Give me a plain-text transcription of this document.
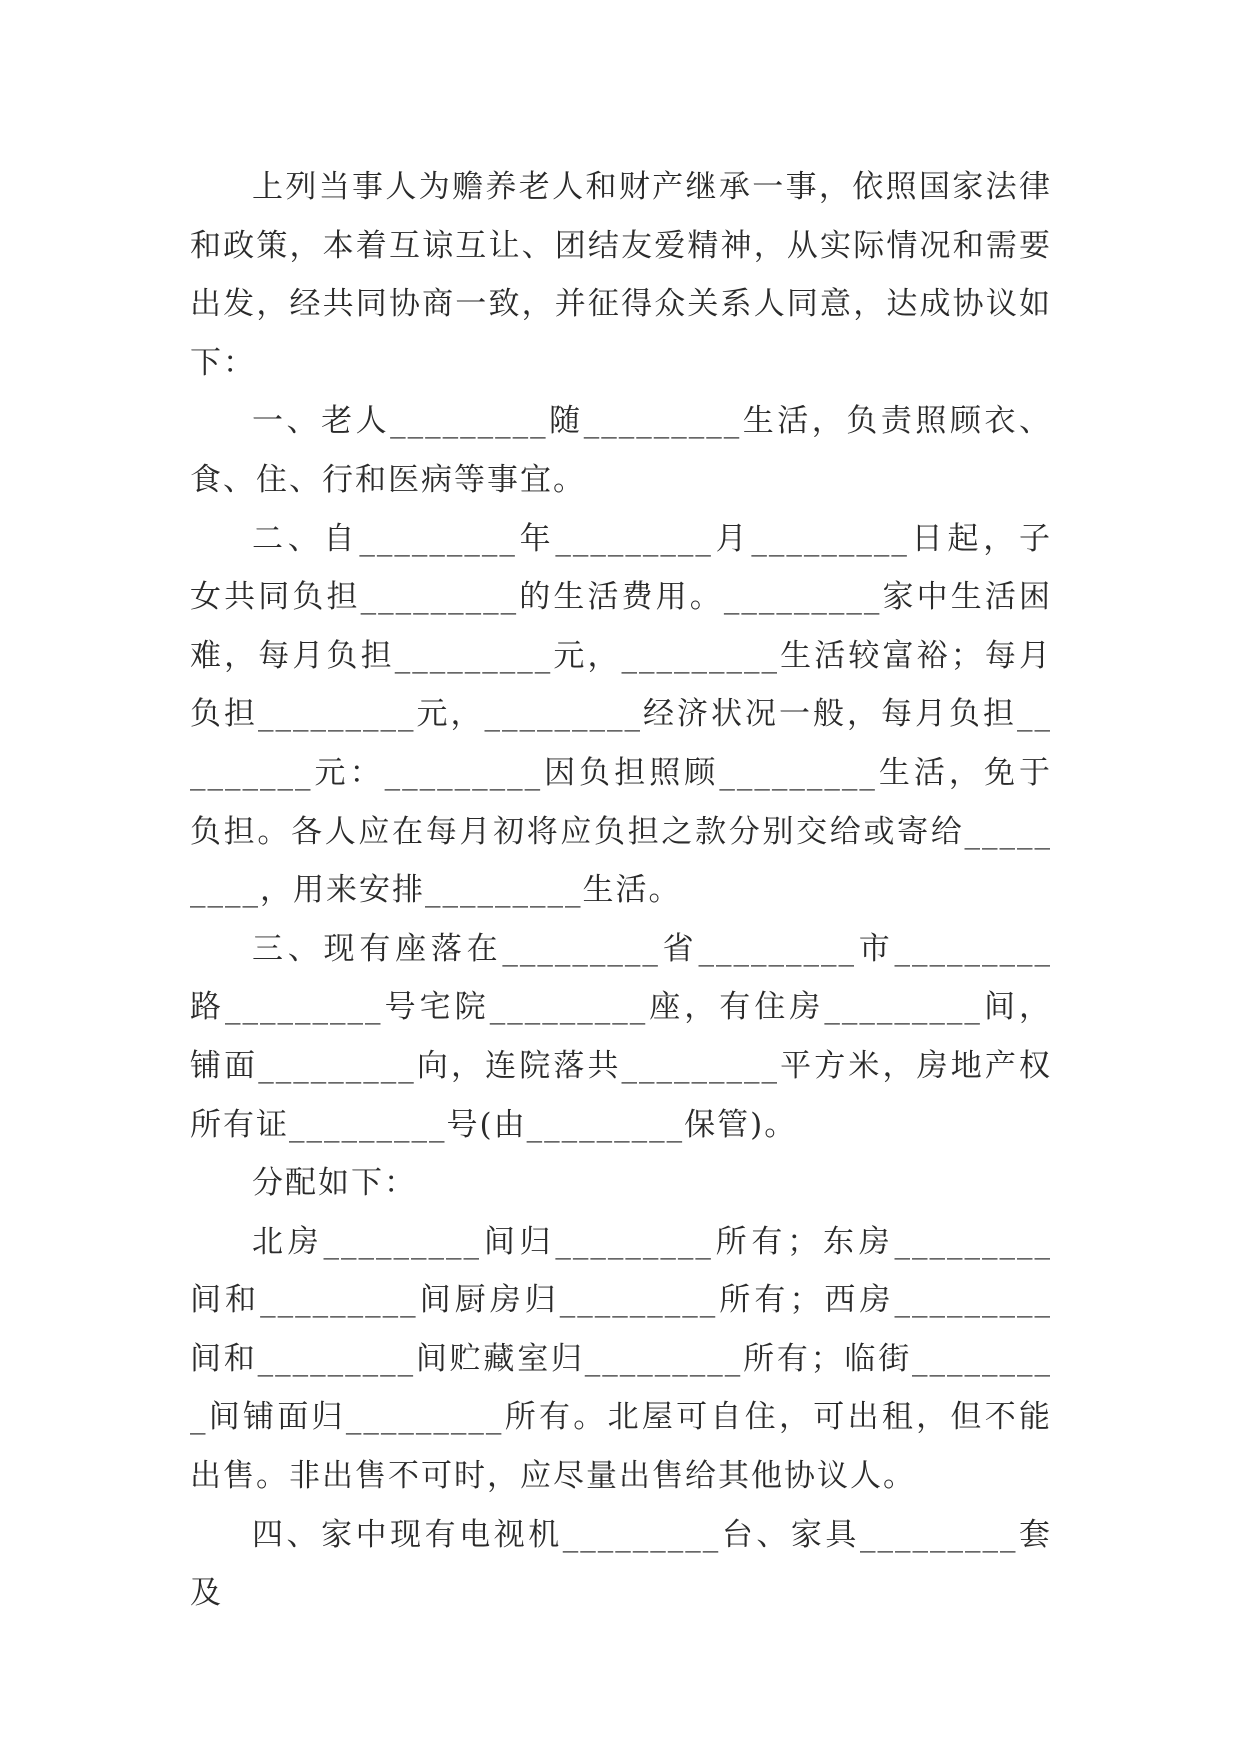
上列当事人为赡养老人和财产继承一事，依照国家法律和政策，本着互谅互让、团结友爱精神，从实际情况和需要出发，经共同协商一致，并征得众关系人同意，达成协议如下：

一、老人_________随_________生活，负责照顾衣、食、住、行和医病等事宜。

二、自_________年_________月_________日起，子女共同负担_________的生活费用。_________家中生活困难，每月负担_________元，_________生活较富裕；每月负担_________元，_________经济状况一般，每月负担_________元：_________因负担照顾_________生活，免于负担。各人应在每月初将应负担之款分别交给或寄给_________，用来安排_________生活。

三、现有座落在_________省_________市_________路_________号宅院_________座，有住房_________间，铺面_________向，连院落共_________平方米，房地产权所有证_________号(由_________保管)。

分配如下：

北房_________间归_________所有；东房_________间和_________间厨房归_________所有；西房_________间和_________间贮藏室归_________所有；临街_________间铺面归_________所有。北屋可自住，可出租，但不能出售。非出售不可时，应尽量出售给其他协议人。

四、家中现有电视机_________台、家具_________套及
